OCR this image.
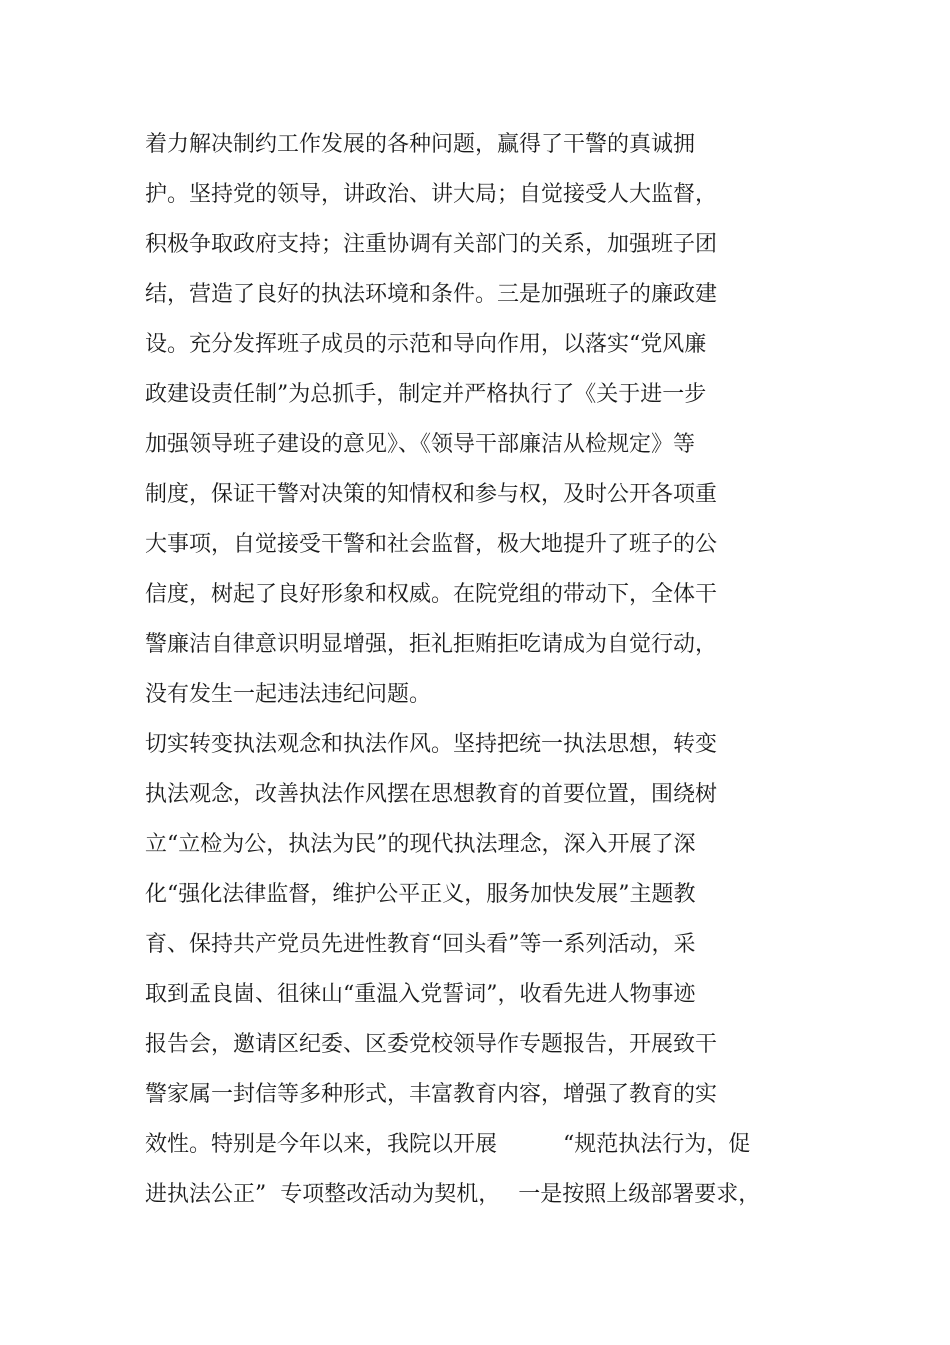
着力解决制约工作发展的各种问题，赢得了干警的真诚拥
护。坚持党的领导，讲政治、讲大局；自觉接受人大监督，
积极争取政府支持；注重协调有关部门的关系，加强班子团
结，营造了良好的执法环境和条件。三是加强班子的廉政建
设。充分发挥班子成员的示范和导向作用，以落实“党风廉
政建设责任制”为总抓手，制定并严格执行了《关于进一步
加强领导班子建设的意见》、《领导干部廉洁从检规定》等
制度，保证干警对决策的知情权和参与权，及时公开各项重
大事项，自觉接受干警和社会监督，极大地提升了班子的公
信度，树起了良好形象和权威。在院党组的带动下，全体干
警廉洁自律意识明显增强，拒礼拒贿拒吃请成为自觉行动，
没有发生一起违法违纪问题。
切实转变执法观念和执法作风。坚持把统一执法思想，转变
执法观念，改善执法作风摆在思想教育的首要位置，围绕树
立“立检为公，执法为民”的现代执法理念，深入开展了深
化“强化法律监督，维护公平正义，服务加快发展”主题教
育、保持共产党员先进性教育“回头看”等一系列活动，采
取到孟良崮、徂徕山“重温入党誓词”，收看先进人物事迹
报告会，邀请区纪委、区委党校领导作专题报告，开展致干
警家属一封信等多种形式，丰富教育内容，增强了教育的实
效性。特别是今年以来，我院以开展　　　“规范执法行为，促
进执法公正”  专项整改活动为契机，　 一是按照上级部署要求，
